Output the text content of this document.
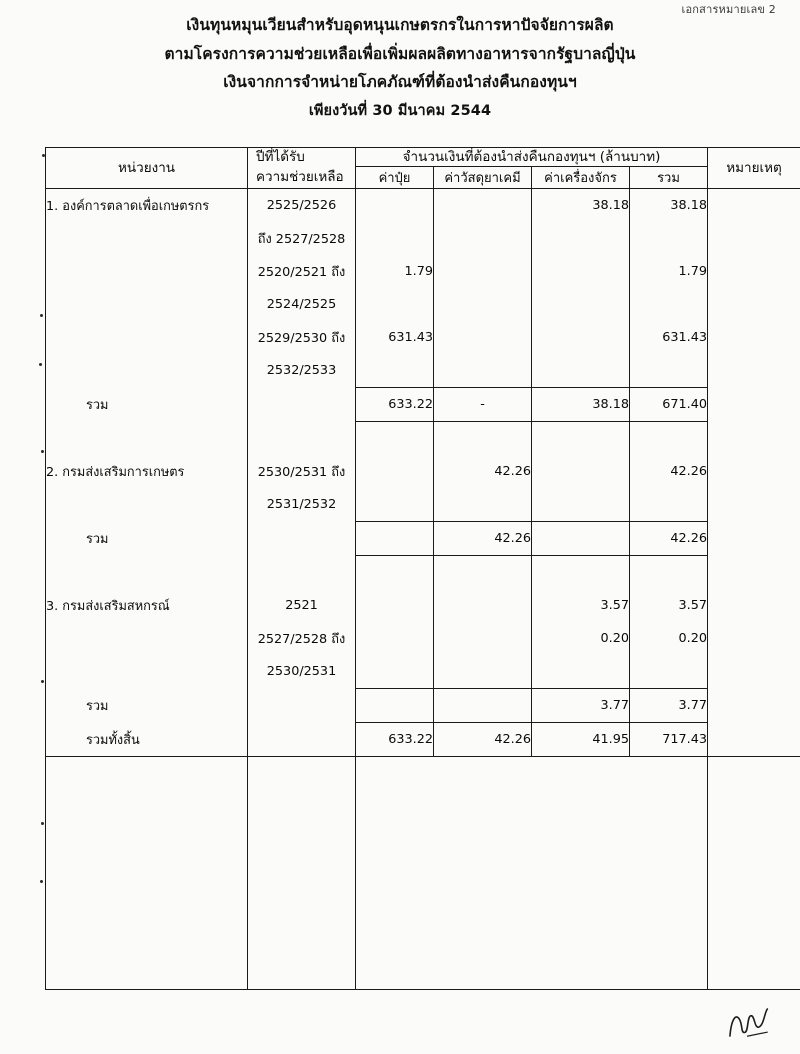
เอกสารหมายเลข 2
เงินทุนหมุนเวียนสำหรับอุดหนุนเกษตรกรในการหาปัจจัยการผลิต
ตามโครงการความช่วยเหลือเพื่อเพิ่มผลผลิตทางอาหารจากรัฐบาลญี่ปุ่น
เงินจากการจำหน่ายโภคภัณฑ์ที่ต้องนำส่งคืนกองทุนฯ
เพียงวันที่ 30 มีนาคม 2544
หน่วยงาน	ปีที่ได้รับ	จำนวนเงินที่ต้องนำส่งคืนกองทุนฯ (ล้านบาท)				หมายเหตุ
	ความช่วยเหลือ	ค่าปุ๋ย	ค่าวัสดุยาเคมี	ค่าเครื่องจักร	รวม	
1. องค์การตลาดเพื่อเกษตรกร	2525/2526			38.18	38.18	
	ถึง 2527/2528					
	2520/2521 ถึง	1.79			1.79	
	2524/2525					
	2529/2530 ถึง	631.43			631.43	
	2532/2533					
รวม		633.22	-	38.18	671.40	

2. กรมส่งเสริมการเกษตร	2530/2531 ถึง		42.26		42.26	
	2531/2532					
รวม			42.26		42.26	

3. กรมส่งเสริมสหกรณ์	2521			3.57	3.57	
	2527/2528 ถึง			0.20	0.20	
	2530/2531					
รวม				3.77	3.77	
รวมทั้งสิ้น		633.22	42.26	41.95	717.43	
